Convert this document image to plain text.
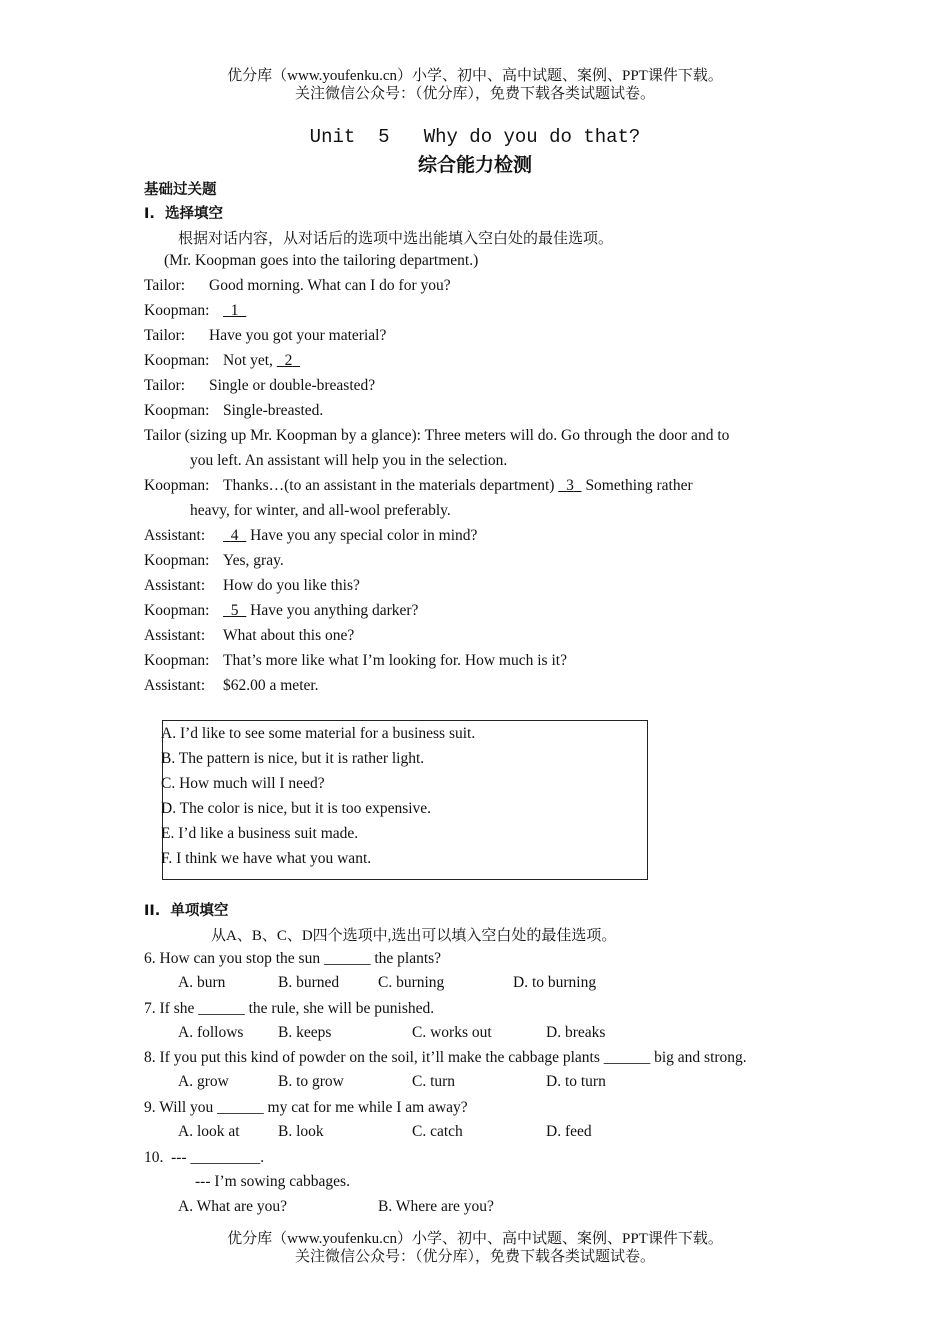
优分库（www.youfenku.cn）小学、初中、高中试题、案例、PPT课件下载。
关注微信公众号：（优分库），免费下载各类试题试卷。
Unit  5   Why do you do that?
综合能力检测
基础过关题
I.  选择填空
根据对话内容，从对话后的选项中选出能填入空白处的最佳选项。
(Mr. Koopman goes into the tailoring department.)
Tailor: Good morning. What can I do for you?
Koopman:	1
Tailor: Have you got your material?
Koopman: Not yet,   2
Tailor: Single or double-breasted?
Koopman: Single-breasted.
Tailor (sizing up Mr. Koopman by a glance): Three meters will do. Go through the door and to
you left. An assistant will help you in the selection.
Koopman: Thanks…(to an assistant in the materials department)   3   Something rather
heavy, for winter, and all-wool preferably.
Assistant:	4   Have you any special color in mind?
Koopman: Yes, gray.
Assistant: How do you like this?
Koopman:	5   Have you anything darker?
Assistant: What about this one?
Koopman: That’s more like what I’m looking for. How much is it?
Assistant: $62.00 a meter.
A. I’d like to see some material for a business suit.
B. The pattern is nice, but it is rather light.
C. How much will I need?
D. The color is nice, but it is too expensive.
E. I’d like a business suit made.
F. I think we have what you want.
II.  单项填空
从A、B、C、D四个选项中,选出可以填入空白处的最佳选项。
6. How can you stop the sun ______ the plants?
A. burn	B. burned	C. burning	D. to burning
7. If she ______ the rule, she will be punished.
A. follows B. keeps	C. works out	D. breaks
8. If you put this kind of powder on the soil, it’ll make the cabbage plants ______ big and strong.
A. grow	B. to grow	C. turn	D. to turn
9. Will you ______ my cat for me while I am away?
A. look at B. look	C. catch	D. feed
10.  --- _________.
--- I’m sowing cabbages.
A. What are you?	B. Where are you?
优分库（www.youfenku.cn）小学、初中、高中试题、案例、PPT课件下载。
关注微信公众号：（优分库），免费下载各类试题试卷。
